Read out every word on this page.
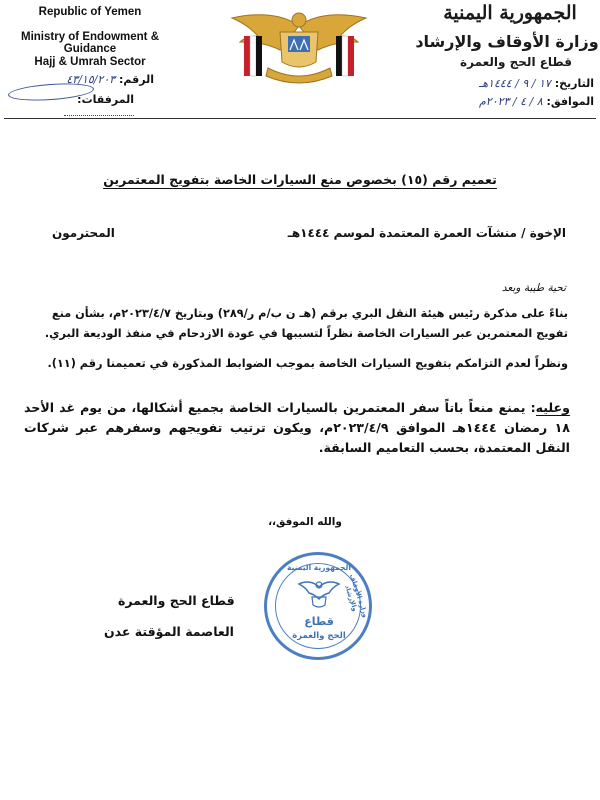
Republic of Yemen
Ministry of Endowment & Guidance
Hajj & Umrah Sector
الرقم: ٤٣/١٥/٢٠٣
المرفقات:
الجمهورية اليمنية
وزارة الأوقاف والإرشاد
قطاع الحج والعمرة
التاريخ: ١٧ / ٩ / ١٤٤٤هـ
الموافق: ٨ / ٤ / ٢٠٢٣م
تعميم رقم (١٥) بخصوص منع السيارات الخاصة بتفويج المعتمرين
الإخوة / منشآت العمرة المعتمدة لموسم ١٤٤٤هـ
المحترمون
تحية طيبة وبعد
بناءً على مذكرة رئيس هيئة النقل البري برقم (هـ ن ب/م ر/٢٨٩) وبتاريخ ٢٠٢٣/٤/٧م، بشأن منع تفويج المعتمرين عبر السيارات الخاصة نظراً لتسببها في عودة الازدحام في منفذ الوديعة البري.
ونظراً لعدم التزامكم بتفويج السيارات الخاصة بموجب الضوابط المذكورة في تعميمنا رقم (١١).
وعليه: يمنع منعاً باتاً سفر المعتمرين بالسيارات الخاصة بجميع أشكالها، من يوم غد الأحد ١٨ رمضان ١٤٤٤هـ الموافق ٢٠٢٣/٤/٩م، ويكون ترتيب تفويجهم وسفرهم عبر شركات النقل المعتمدة، بحسب التعاميم السابقة.
والله الموفق،،
قطاع الحج والعمرة
العاصمة المؤقتة عدن
الجمهورية اليمنية
وزارة الأوقاف والإرشاد
قطاع
الحج والعمرة
